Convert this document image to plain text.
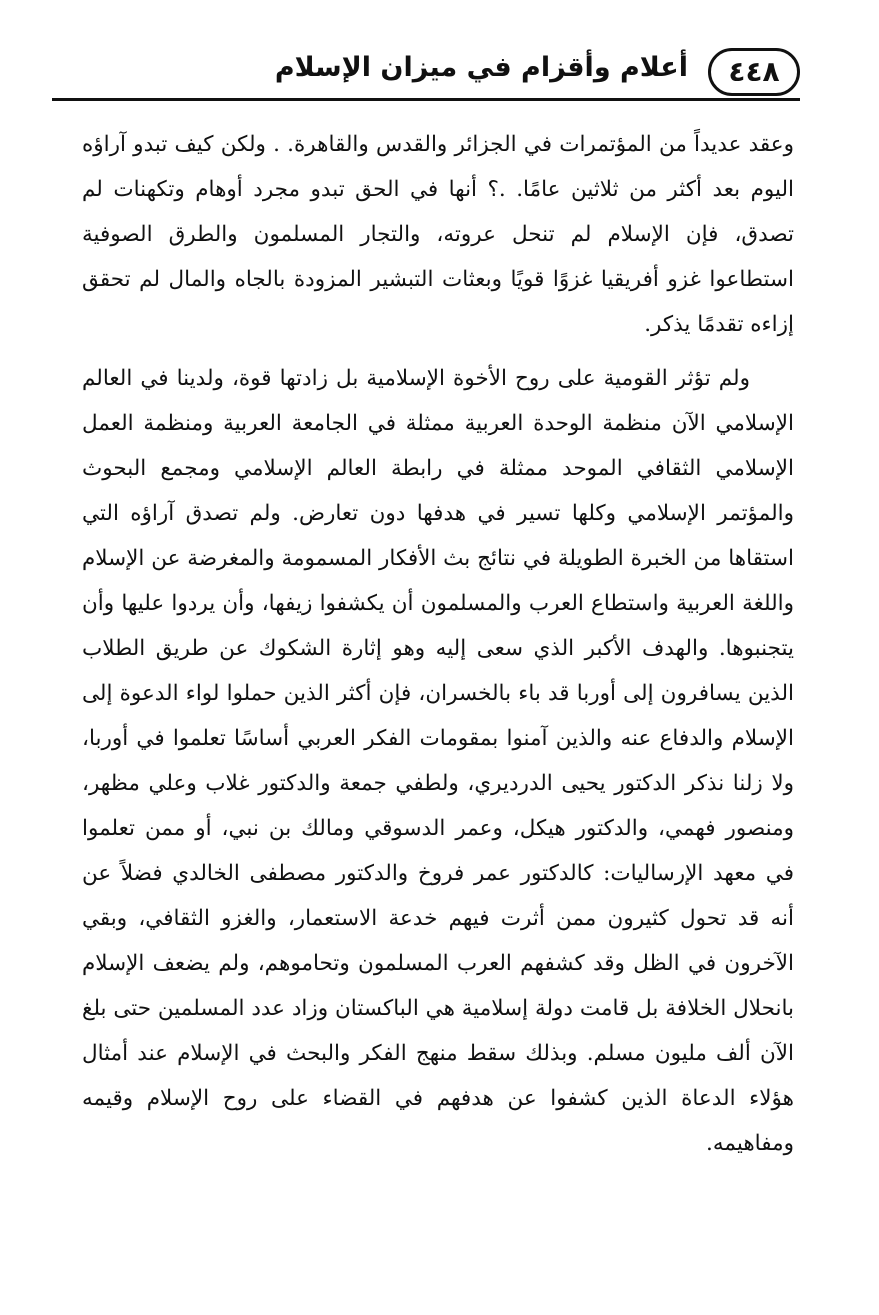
٤٤٨
أعلام وأقزام في ميزان الإسلام

وعقد عديداً من المؤتمرات في الجزائر والقدس والقاهرة. . ولكن كيف تبدو آراؤه اليوم بعد أكثر من ثلاثين عامًا. .؟ أنها في الحق تبدو مجرد أوهام وتكهنات لم تصدق، فإن الإسلام لم تنحل عروته، والتجار المسلمون والطرق الصوفية استطاعوا غزو أفريقيا غزوًا قويًا وبعثات التبشير المزودة بالجاه والمال لم تحقق إزاءه تقدمًا يذكر.

ولم تؤثر القومية على روح الأخوة الإسلامية بل زادتها قوة، ولدينا في العالم الإسلامي الآن منظمة الوحدة العربية ممثلة في الجامعة العربية ومنظمة العمل الإسلامي الثقافي الموحد ممثلة في رابطة العالم الإسلامي ومجمع البحوث والمؤتمر الإسلامي وكلها تسير في هدفها دون تعارض. ولم تصدق آراؤه التي استقاها من الخبرة الطويلة في نتائج بث الأفكار المسمومة والمغرضة عن الإسلام واللغة العربية واستطاع العرب والمسلمون أن يكشفوا زيفها، وأن يردوا عليها وأن يتجنبوها. والهدف الأكبر الذي سعى إليه وهو إثارة الشكوك عن طريق الطلاب الذين يسافرون إلى أوربا قد باء بالخسران، فإن أكثر الذين حملوا لواء الدعوة إلى الإسلام والدفاع عنه والذين آمنوا بمقومات الفكر العربي أساسًا تعلموا في أوربا، ولا زلنا نذكر الدكتور يحيى الدرديري، ولطفي جمعة والدكتور غلاب وعلي مظهر، ومنصور فهمي، والدكتور هيكل، وعمر الدسوقي ومالك بن نبي، أو ممن تعلموا في معهد الإرساليات: كالدكتور عمر فروخ والدكتور مصطفى الخالدي فضلاً عن أنه قد تحول كثيرون ممن أثرت فيهم خدعة الاستعمار، والغزو الثقافي، وبقي الآخرون في الظل وقد كشفهم العرب المسلمون وتحاموهم، ولم يضعف الإسلام بانحلال الخلافة بل قامت دولة إسلامية هي الباكستان وزاد عدد المسلمين حتى بلغ الآن ألف مليون مسلم. وبذلك سقط منهج الفكر والبحث في الإسلام عند أمثال هؤلاء الدعاة الذين كشفوا عن هدفهم في القضاء على روح الإسلام وقيمه ومفاهيمه.
